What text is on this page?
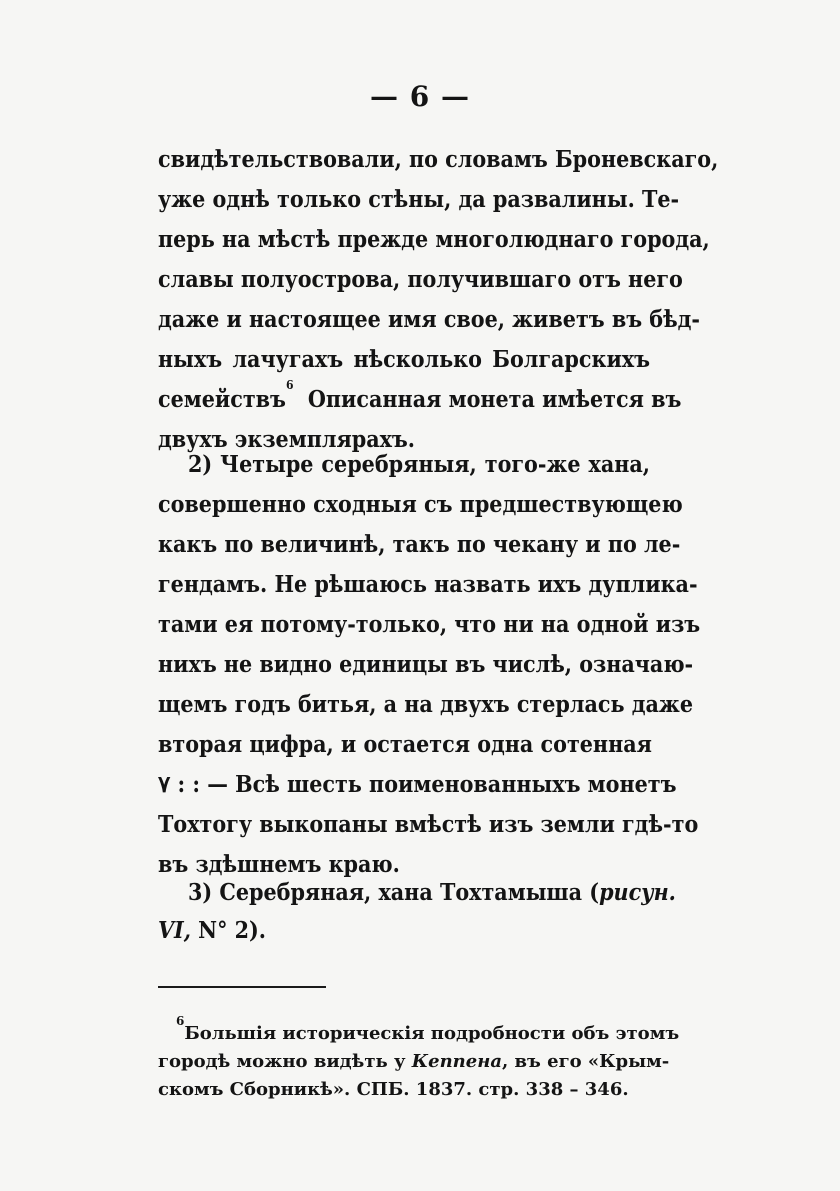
— 6 —
свидѣтельствовали, по словамъ Броневскаго,
уже однѣ только стѣны, да развалины. Те-
перь на мѣстѣ прежде многолюднаго города,
славы полуострова, получившаго отъ него
даже и настоящее имя свое, живетъ въ бѣд-
ныхъ лачугахъ нѣсколько Болгарскихъ
семействъ$^6$  Описанная монета имѣется въ
двухъ экземплярахъ.
2) Четыре серебряныя, того-же хана,
совершенно сходныя съ предшествующею
какъ по величинѣ, такъ по чекану и по ле-
гендамъ. Не рѣшаюсь назвать ихъ дупликa-
тами ея потому-только, что ни на одной изъ
нихъ не видно единицы въ числѣ, означаю-
щемъ годъ битья, а на двухъ стерлась даже
вторая цифра, и остается одна сотенная
٧ : : — Всѣ шесть поименованныхъ монетъ
Тохтогу выкопаны вмѣстѣ изъ земли гдѣ-то
въ здѣшнемъ краю.
3) Серебряная, хана Тохтамыша (рисун.
VI, N° 2).
$^6$Большія историческія подробности объ этомъ
городѣ можно видѣть у Кеппена, въ его «Крым-
скомъ Сборникѣ». СПБ. 1837. стр. 338 – 346.
